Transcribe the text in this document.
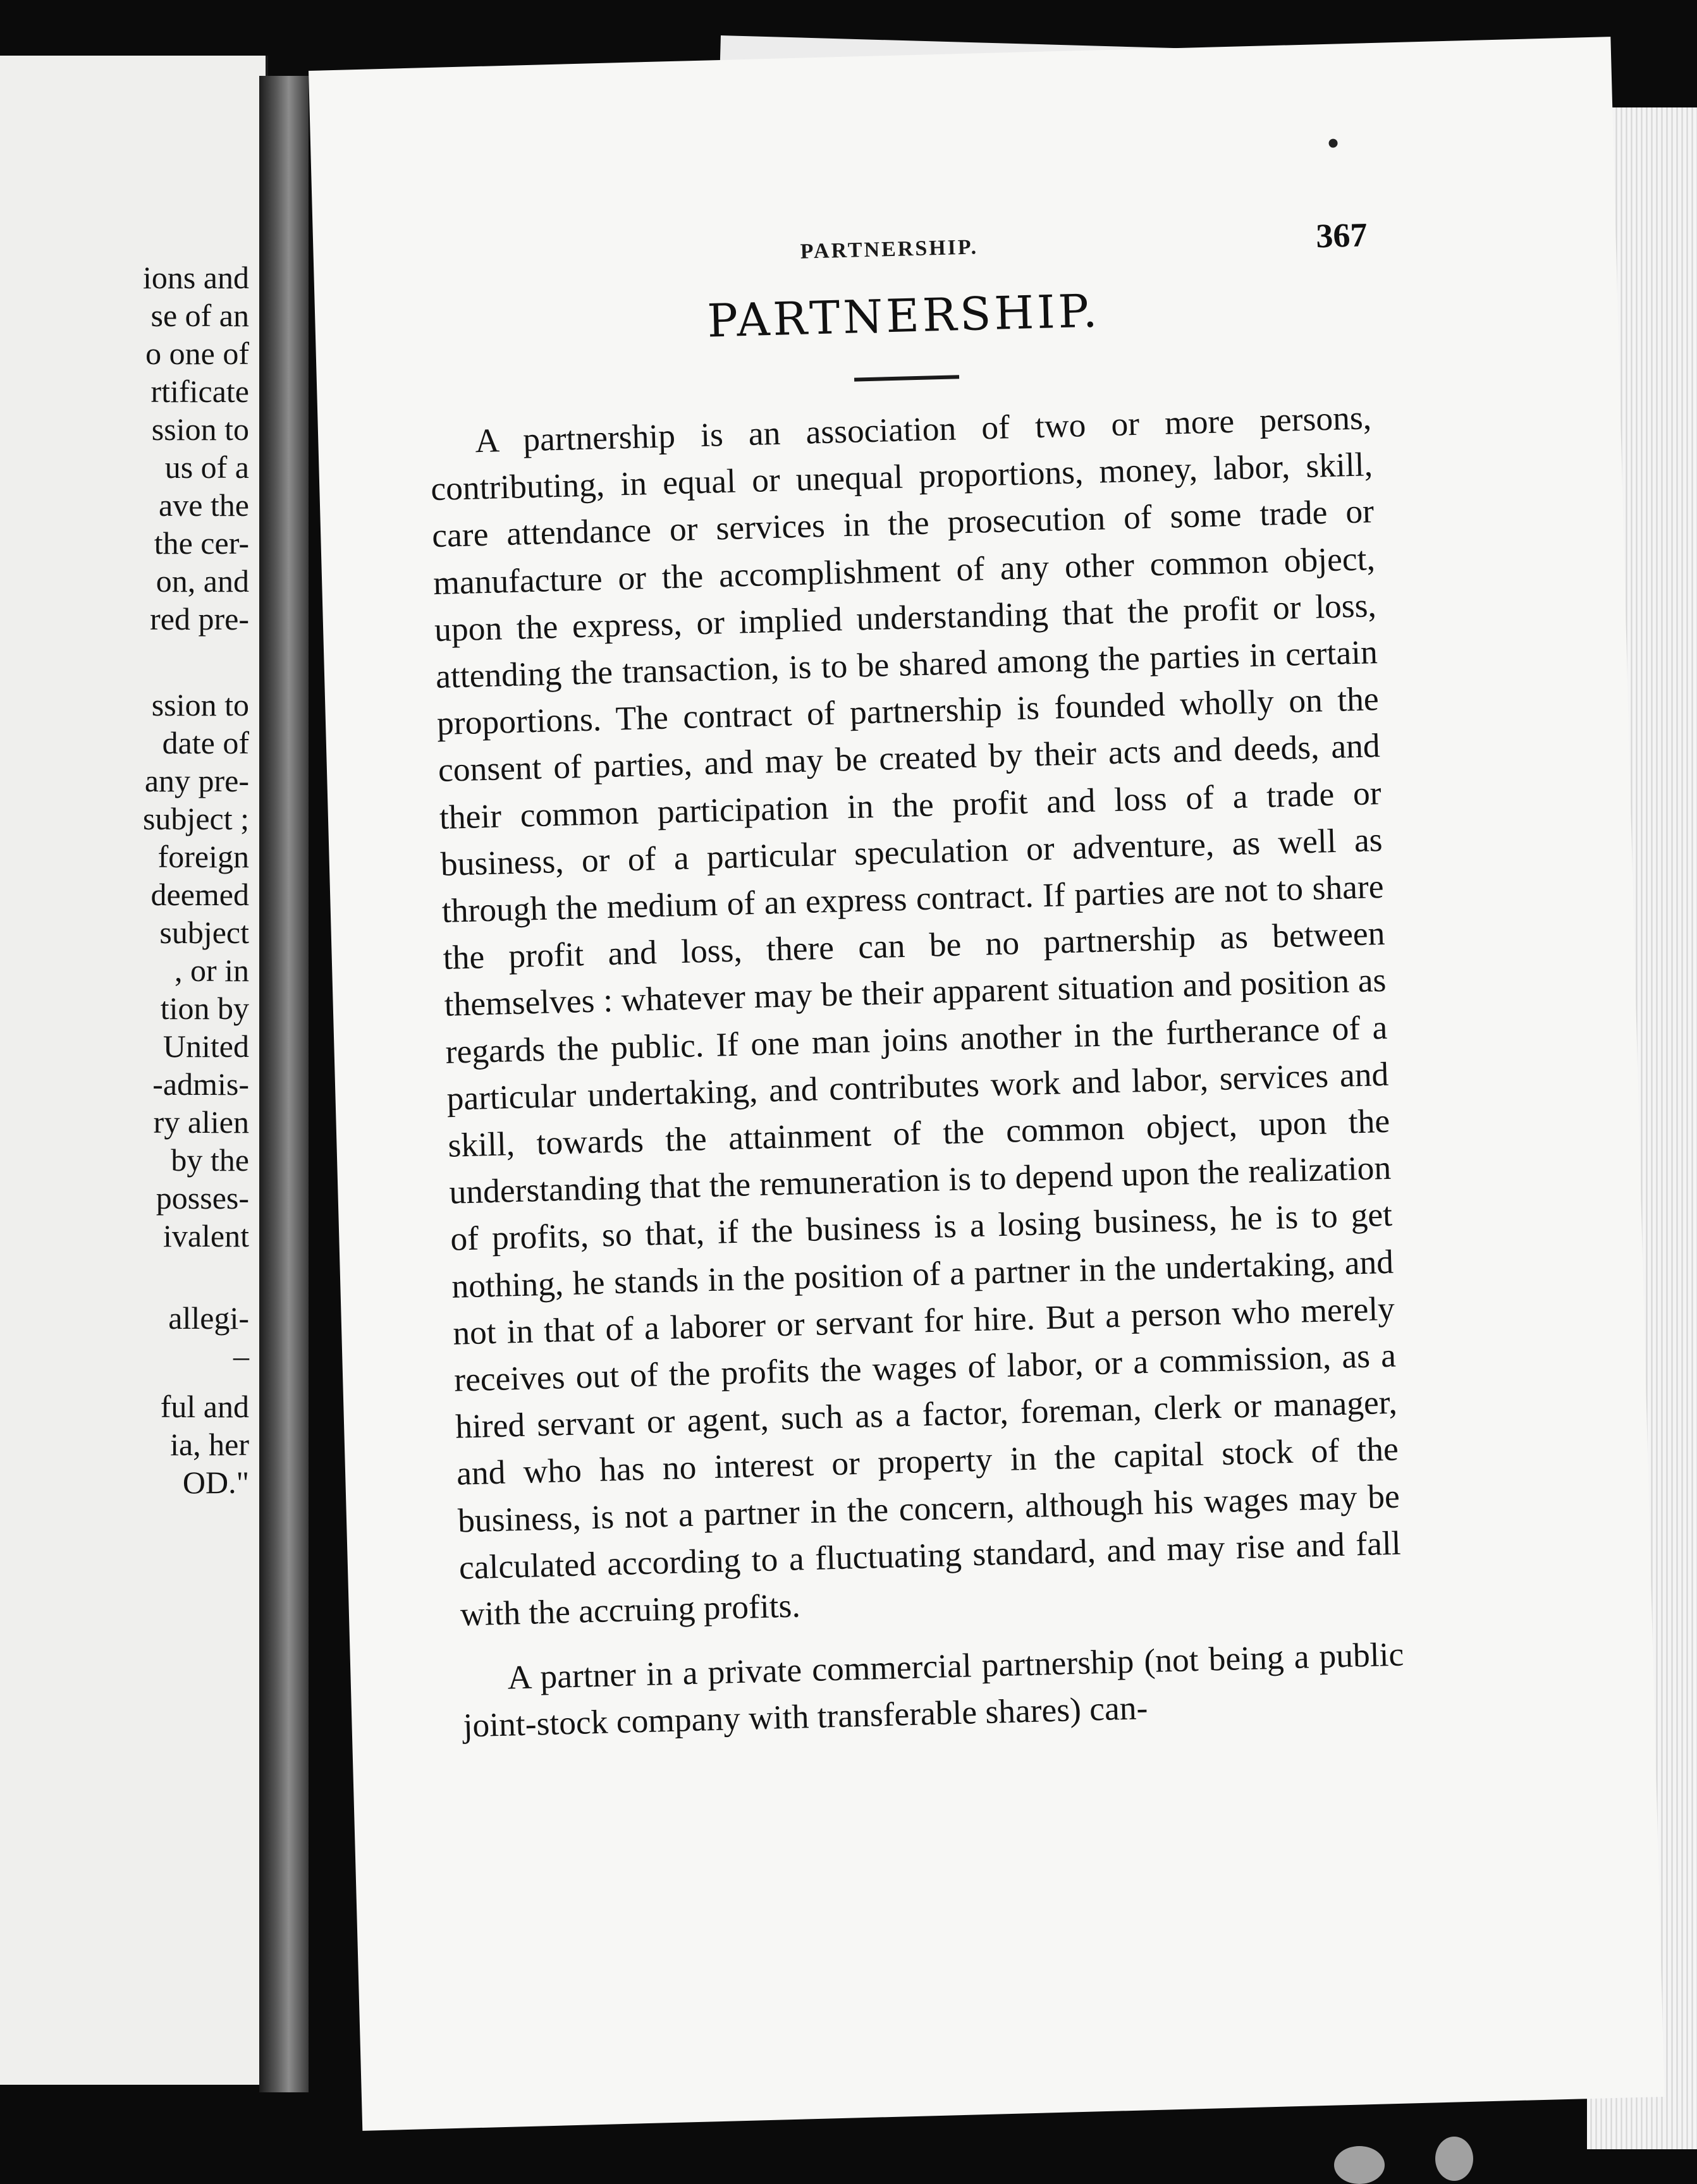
ions and
se of an
o one of
rtificate
ssion to
us of a
ave the
the cer-
on, and
red pre-
ssion to
date of
any pre-
subject ;
foreign
deemed
subject
, or in
tion by
United
-admis-
ry alien
by the
posses-
ivalent
allegi-
–
ful and
ia, her
OD."
PARTNERSHIP.	367
PARTNERSHIP.

A partnership is an association of two or more persons, contributing, in equal or unequal proportions, money, labor, skill, care attendance or services in the prosecution of some trade or manufacture or the accomplishment of any other common object, upon the express, or implied understanding that the profit or loss, attending the transaction, is to be shared among the parties in certain proportions. The contract of partnership is founded wholly on the consent of parties, and may be created by their acts and deeds, and their common participation in the profit and loss of a trade or business, or of a particular speculation or adventure, as well as through the medium of an express contract. If parties are not to share the profit and loss, there can be no partnership as between themselves : whatever may be their apparent situation and position as regards the public. If one man joins another in the furtherance of a particular undertaking, and contributes work and labor, services and skill, towards the attainment of the common object, upon the understanding that the remuneration is to depend upon the realization of profits, so that, if the business is a losing business, he is to get nothing, he stands in the position of a partner in the undertaking, and not in that of a laborer or servant for hire. But a person who merely receives out of the profits the wages of labor, or a commission, as a hired servant or agent, such as a factor, foreman, clerk or manager, and who has no interest or property in the capital stock of the business, is not a partner in the concern, although his wages may be calculated according to a fluctuating standard, and may rise and fall with the accruing profits.

A partner in a private commercial partnership (not being a public joint-stock company with transferable shares) can-
